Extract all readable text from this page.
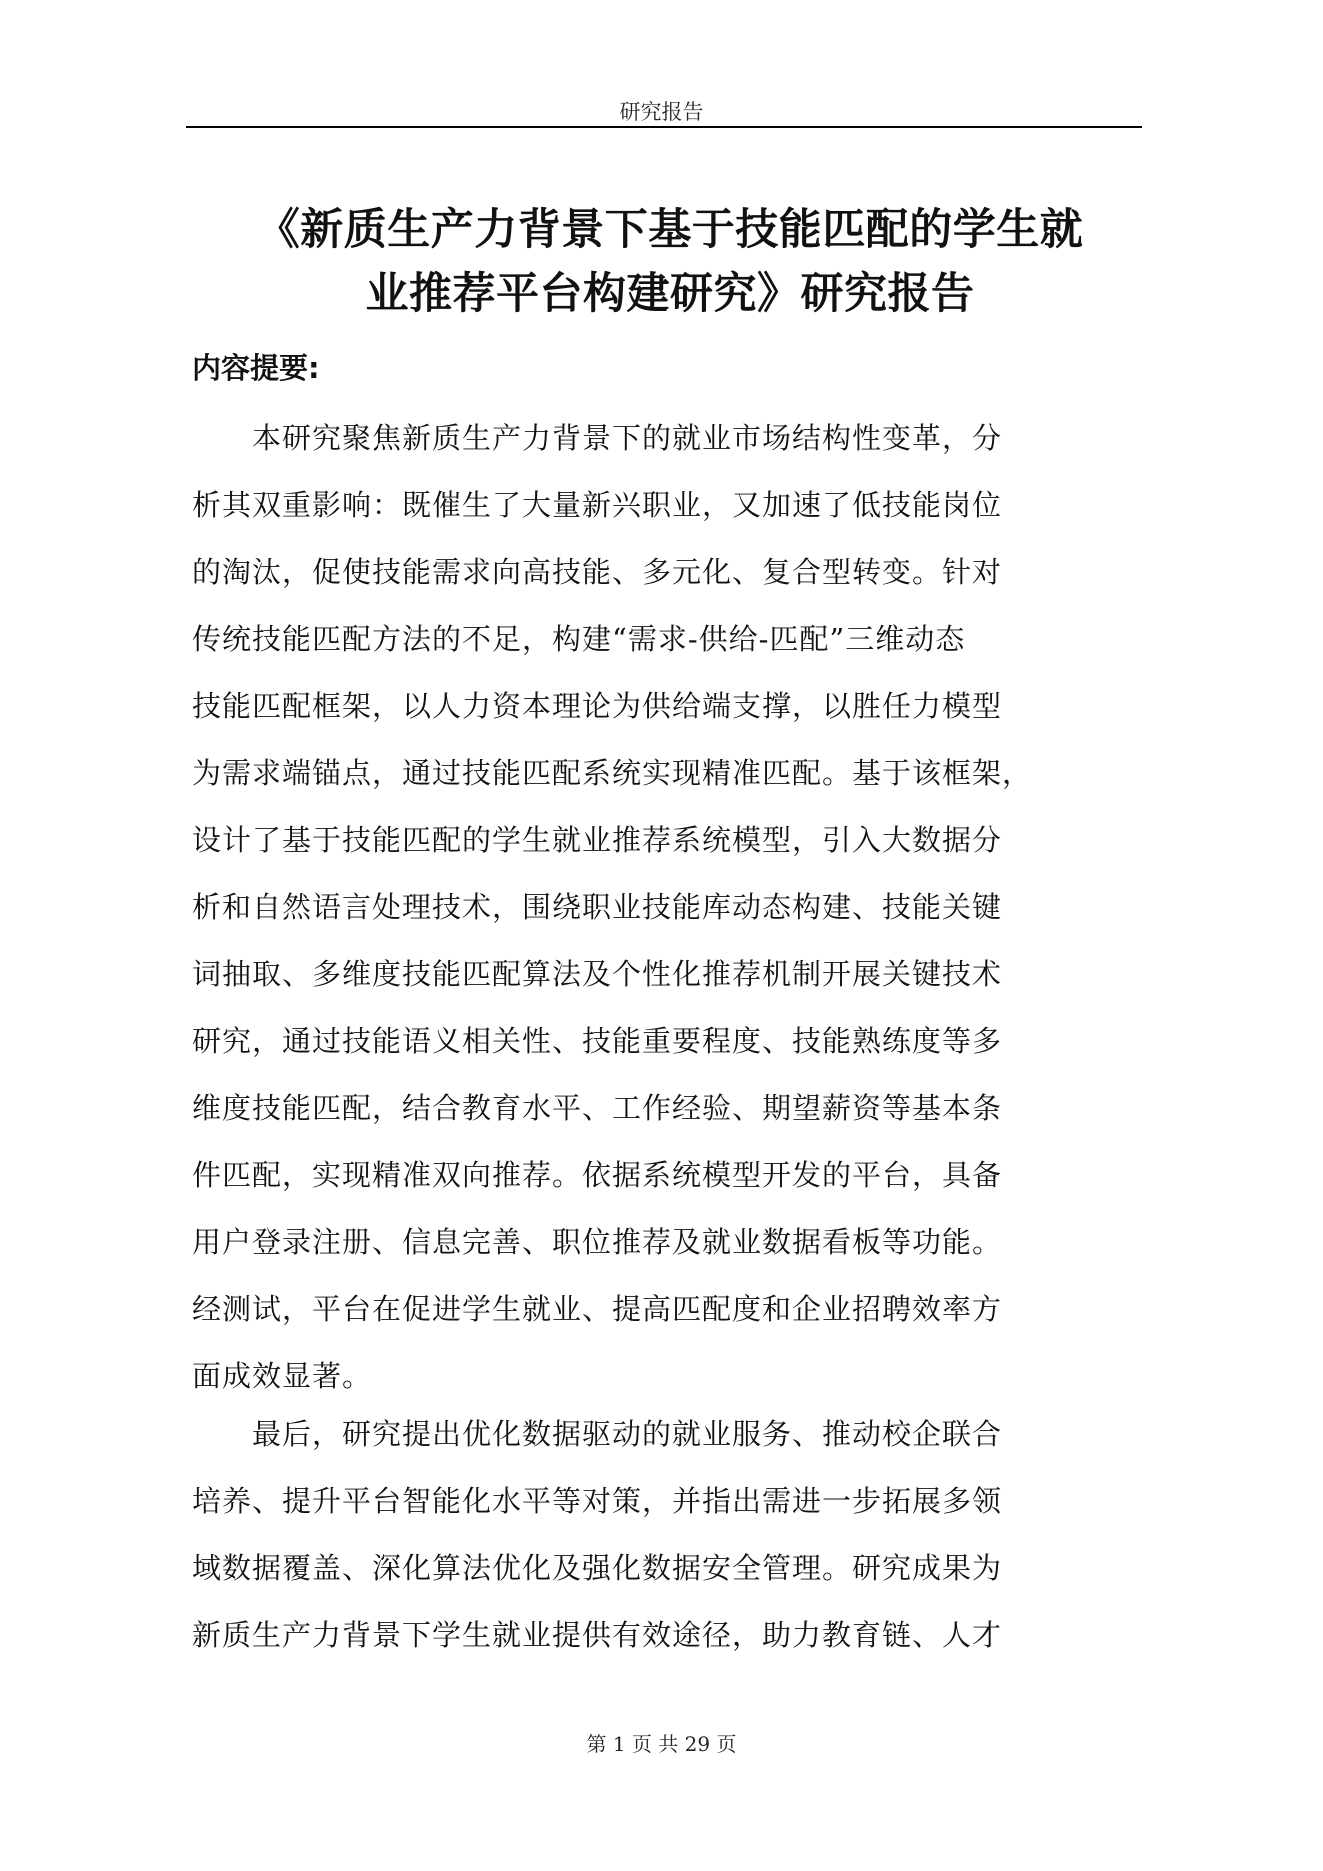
研究报告
《新质生产力背景下基于技能匹配的学生就
业推荐平台构建研究》研究报告
内容提要:
　　本研究聚焦新质生产力背景下的就业市场结构性变革，分
析其双重影响：既催生了大量新兴职业，又加速了低技能岗位
的淘汰，促使技能需求向高技能、多元化、复合型转变。针对
传统技能匹配方法的不足，构建“需求-供给-匹配”三维动态
技能匹配框架，以人力资本理论为供给端支撑，以胜任力模型
为需求端锚点，通过技能匹配系统实现精准匹配。基于该框架，
设计了基于技能匹配的学生就业推荐系统模型，引入大数据分
析和自然语言处理技术，围绕职业技能库动态构建、技能关键
词抽取、多维度技能匹配算法及个性化推荐机制开展关键技术
研究，通过技能语义相关性、技能重要程度、技能熟练度等多
维度技能匹配，结合教育水平、工作经验、期望薪资等基本条
件匹配，实现精准双向推荐。依据系统模型开发的平台，具备
用户登录注册、信息完善、职位推荐及就业数据看板等功能。
经测试，平台在促进学生就业、提高匹配度和企业招聘效率方
面成效显著。
　　最后，研究提出优化数据驱动的就业服务、推动校企联合
培养、提升平台智能化水平等对策，并指出需进一步拓展多领
域数据覆盖、深化算法优化及强化数据安全管理。研究成果为
新质生产力背景下学生就业提供有效途径，助力教育链、人才
第 1 页 共 29 页
